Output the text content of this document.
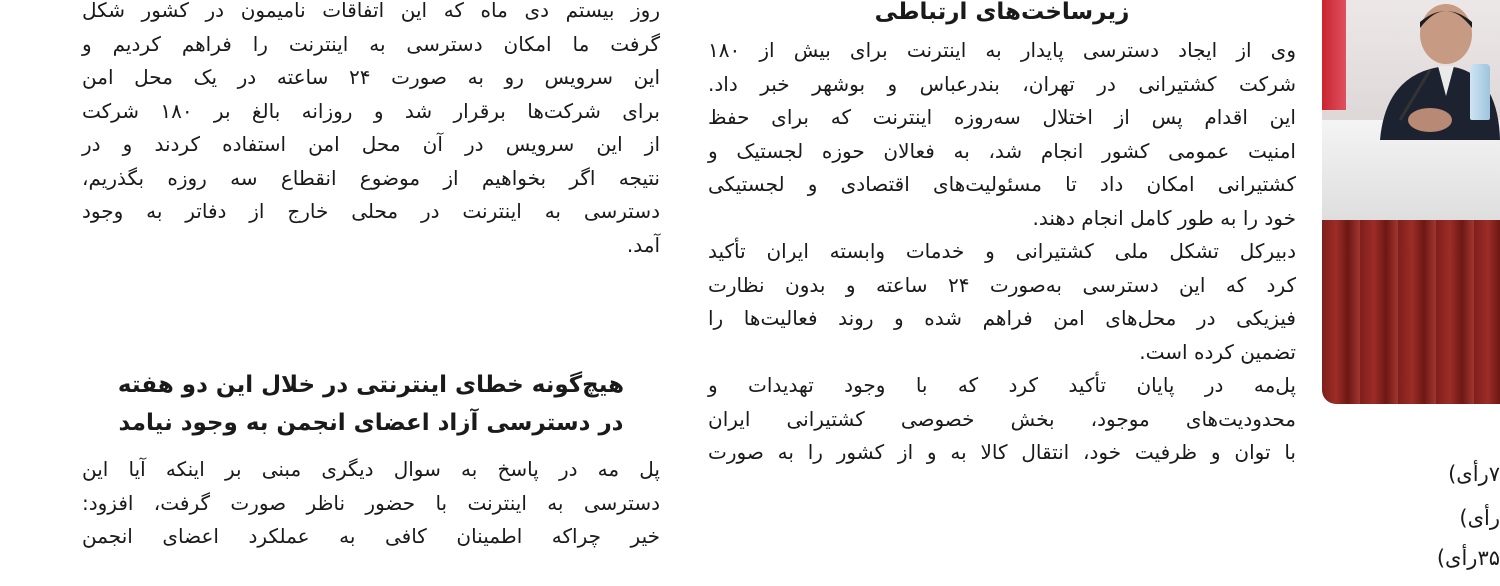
زیرساخت‌های ارتباطی

وی از ایجاد دسترسی پایدار به اینترنت برای بیش از ۱۸۰

شرکت کشتیرانی در تهران، بندرعباس و بوشهر خبر داد.

این اقدام پس از اختلال سه‌روزه اینترنت که برای حفظ

امنیت عمومی کشور انجام شد، به فعالان حوزه لجستیک و

کشتیرانی امکان داد تا مسئولیت‌های اقتصادی و لجستیکی

خود را به طور کامل انجام دهند.

دبیرکل تشکل ملی کشتیرانی و خدمات وابسته ایران تأکید

کرد که این دسترسی به‌صورت ۲۴ ساعته و بدون نظارت

فیزیکی در محل‌های امن فراهم شده و روند فعالیت‌ها را

تضمین کرده است.

پل‌مه در پایان تأکید کرد که با وجود تهدیدات و

محدودیت‌های موجود، بخش خصوصی کشتیرانی ایران

با توان و ظرفیت خود، انتقال کالا به و از کشور را به صورت

روز بیستم دی ماه که این اتفاقات نامیمون در کشور شکل

گرفت ما امکان دسترسی به اینترنت را فراهم کردیم و

این سرویس رو به صورت ۲۴ ساعته در یک محل امن

برای شرکت‌ها برقرار شد و روزانه بالغ بر ۱۸۰ شرکت

از این سرویس در آن محل امن استفاده کردند و در

نتیجه اگر بخواهیم از موضوع انقطاع سه روزه بگذریم،

دسترسی به اینترنت در محلی خارج از دفاتر به وجود

آمد.

هیچ‌گونه خطای اینترنتی در خلال این دو هفته
در دسترسی آزاد اعضای انجمن به وجود نیامد

پل مه در پاسخ به سوال دیگری مبنی بر اینکه آیا این

دسترسی به اینترنت با حضور ناظر صورت گرفت، افزود:

خیر چراکه اطمینان کافی به عملکرد اعضای انجمن

۷رأی)
رأی)
۳۵رأی)
